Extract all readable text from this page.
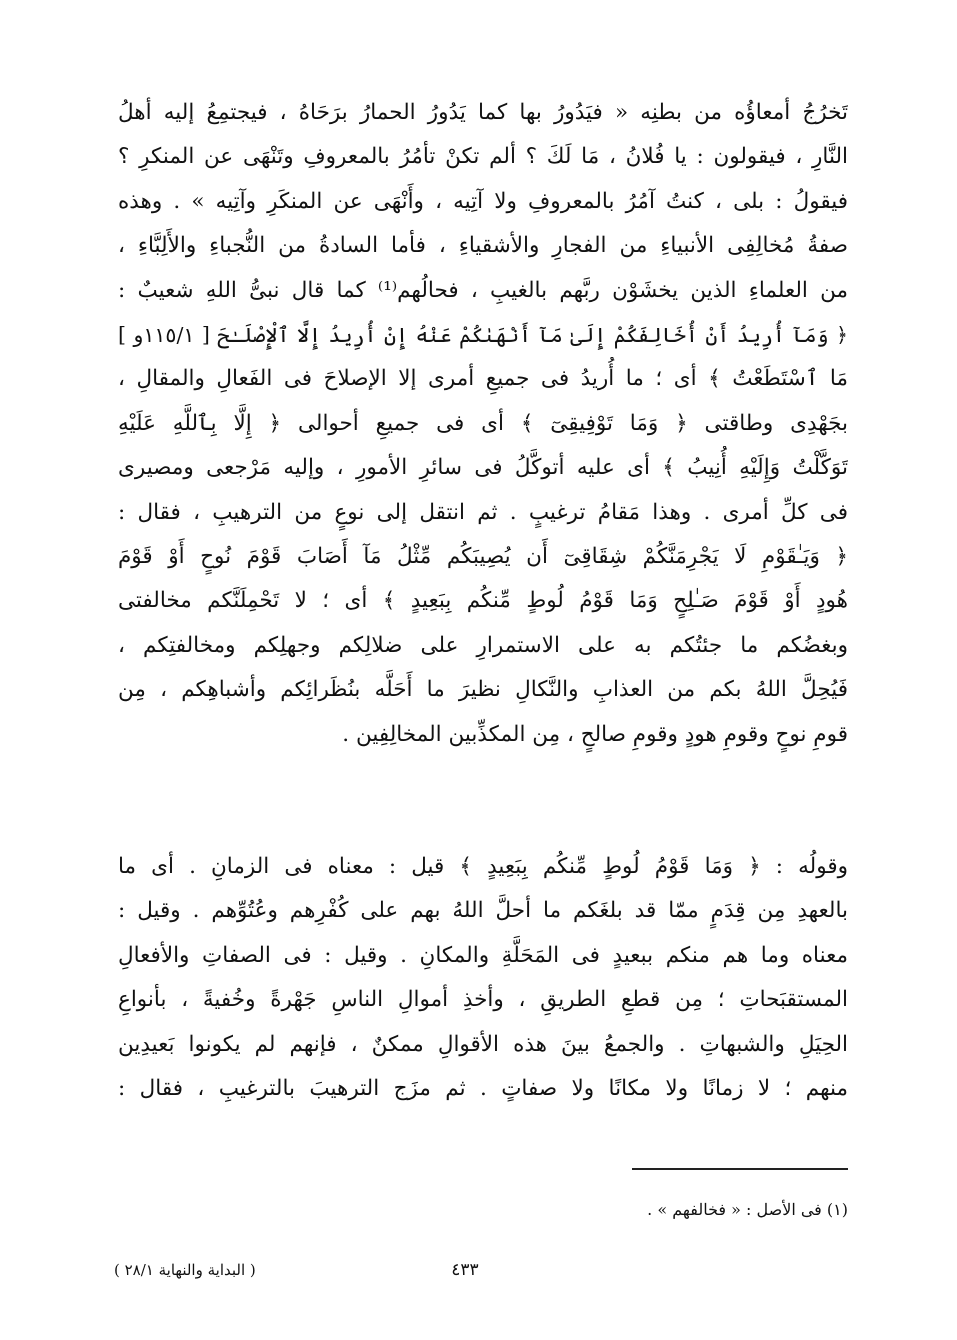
تَخرُجُ أمعاؤُه من بطنِه « فيَدُورُ بها كما يَدُورُ الحمارُ برَحَاهُ ، فيجتمِعُ إليه أهلُ
النَّارِ ، فيقولون : يا فُلانُ ، مَا لَكَ ؟ ألم تكنْ تأمُرُ بالمعروفِ وتَنْهَى عن المنكرِ ؟
فيقولُ : بلى ، كنتُ آمُرُ بالمعروفِ ولا آتِيه ، وأَنْهَى عن المنكَرِ وآتِيه » . وهذه
صفةُ مُخالِفِى الأنبياءِ من الفجارِ والأشقياءِ ، فأما السادةُ من النُّجباءِ والأَلِبَّاءِ ،
من العلماءِ الذين يخشَوْن ربَّهم بالغيبِ ، فحالُهم⁽¹⁾ كما قال نبىُّ اللهِ شعيبٌ :
﴿ وَمَآ أُرِيدُ أَنْ أُخَالِفَكُمْ إِلَىٰ مَآ أَنْهَىٰكُمْ عَنْهُ إِنْ أُرِيدُ إِلَّا ٱلْإِصْلَـٰحَ [ ١١٥/١و ]
مَا ٱسْتَطَعْتُ ﴾ أى ؛ ما أُريدُ فى جميعِ أمرى إلا الإصلاحَ فى الفَعالِ والمقالِ ،
بجَهْدِى وطاقتى ﴿ وَمَا تَوْفِيقِىٓ ﴾ أى فى جميعِ أحوالى ﴿ إِلَّا بِٱللَّهِ عَلَيْهِ
تَوَكَّلْتُ وَإِلَيْهِ أُنِيبُ ﴾ أى عليه أتوكَّلُ فى سائرِ الأمورِ ، وإليه مَرْجعى ومصيرى
فى كلِّ أمرى . وهذا مَقامُ ترغيبٍ . ثم انتقل إلى نوعٍ من الترهيبِ ، فقال :
﴿ وَيَـٰقَوْمِ لَا يَجْرِمَنَّكُمْ شِقَاقِىٓ أَن يُصِيبَكُم مِّثْلُ مَآ أَصَابَ قَوْمَ نُوحٍ أَوْ قَوْمَ
هُودٍ أَوْ قَوْمَ صَـٰلِحٍ وَمَا قَوْمُ لُوطٍ مِّنكُم بِبَعِيدٍ ﴾ أى ؛ لا تَحْمِلَنَّكم مخالفتى
وبغضُكم ما جئتُكم به على الاستمرارِ على ضلالِكم وجهلِكم ومخالفتِكم ،
فَيُحِلَّ اللهُ بكم من العذابِ والنَّكالِ نظيرَ ما أَحَلَّه بنُظَرائِكم وأشباهِكم ، مِن
قومِ نوحٍ وقومِ هودٍ وقومِ صالحٍ ، مِن المكذِّبين المخالِفِين .
وقولُه : ﴿ وَمَا قَوْمُ لُوطٍ مِّنكُم بِبَعِيدٍ ﴾ قيل : معناه فى الزمانِ . أى ما
بالعهدِ مِن قِدَمٍ ممّا قد بلغَكم ما أحلَّ اللهُ بهم على كُفْرِهم وعُتُوِّهم . وقيل :
معناه وما هم منكم ببعيدٍ فى المَحَلَّةِ والمكانِ . وقيل : فى الصفاتِ والأفعالِ
المستقبَحاتِ ؛ مِن قطعِ الطريقِ ، وأخذِ أموالِ الناسِ جَهْرةً وخُفيةً ، بأنواعِ
الحِيَلِ والشبهاتِ . والجمعُ بينَ هذه الأقوالِ ممكنٌ ، فإنهم لم يكونوا بَعيدِين
منهم ؛ لا زمانًا ولا مكانًا ولا صفاتٍ . ثم مزَج الترهيبَ بالترغيبِ ، فقال :
(١) فى الأصل : « فخالفهم » .
٤٣٣
( البداية والنهاية ٢٨/١ )
